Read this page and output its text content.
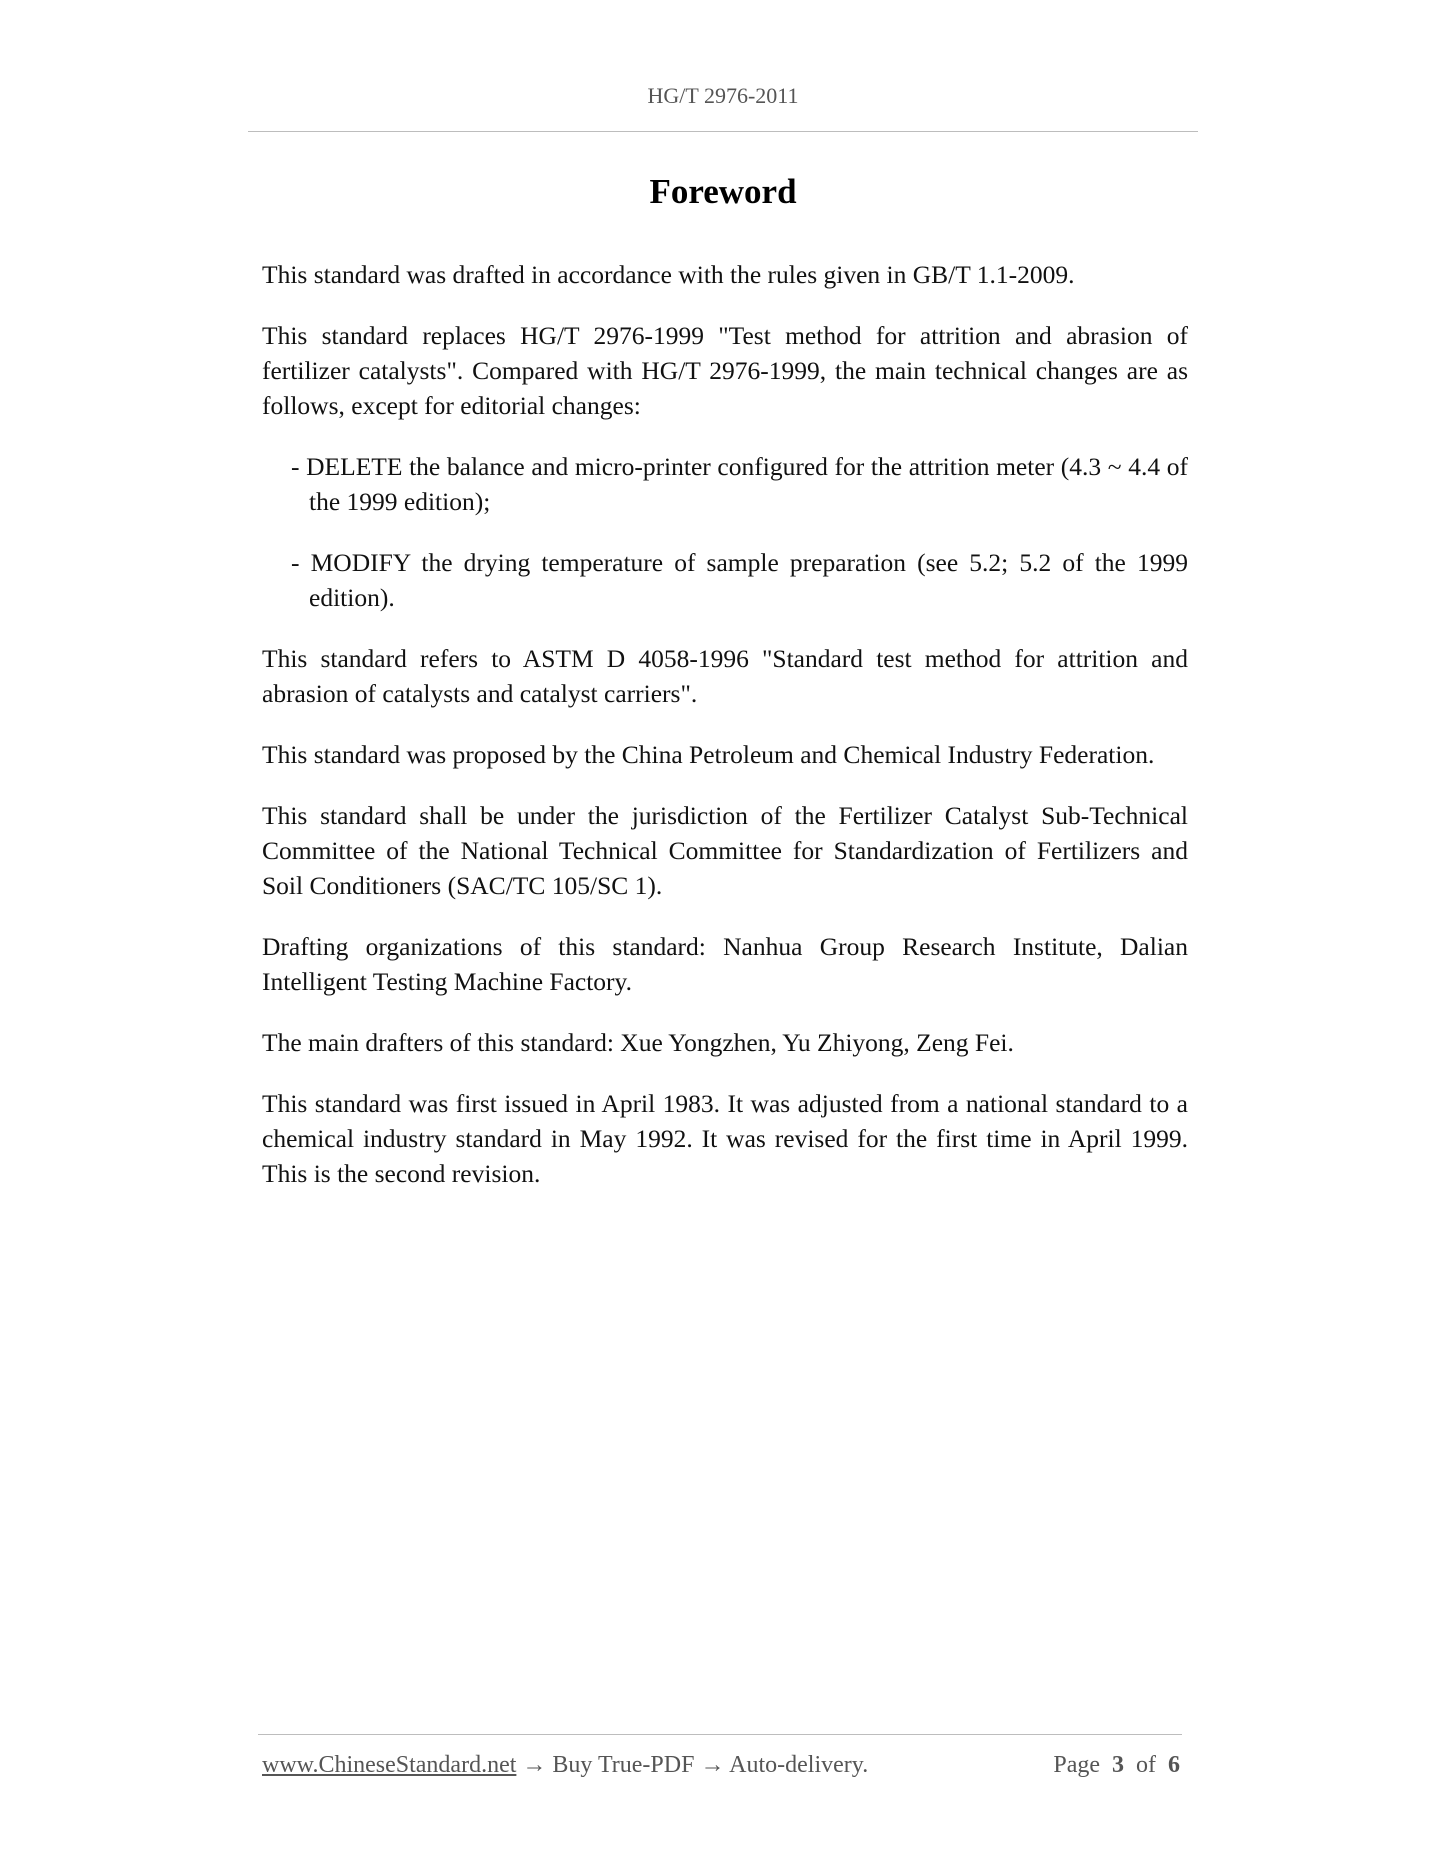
HG/T 2976-2011
Foreword

This standard was drafted in accordance with the rules given in GB/T 1.1-2009.

This standard replaces HG/T 2976-1999 "Test method for attrition and abrasion of fertilizer catalysts". Compared with HG/T 2976-1999, the main technical changes are as follows, except for editorial changes:

- DELETE the balance and micro-printer configured for the attrition meter (4.3 ~ 4.4 of the 1999 edition);
- MODIFY the drying temperature of sample preparation (see 5.2; 5.2 of the 1999 edition).

This standard refers to ASTM D 4058-1996 "Standard test method for attrition and abrasion of catalysts and catalyst carriers".

This standard was proposed by the China Petroleum and Chemical Industry Federation.

This standard shall be under the jurisdiction of the Fertilizer Catalyst Sub-Technical Committee of the National Technical Committee for Standardization of Fertilizers and Soil Conditioners (SAC/TC 105/SC 1).

Drafting organizations of this standard: Nanhua Group Research Institute, Dalian Intelligent Testing Machine Factory.

The main drafters of this standard: Xue Yongzhen, Yu Zhiyong, Zeng Fei.

This standard was first issued in April 1983. It was adjusted from a national standard to a chemical industry standard in May 1992. It was revised for the first time in April 1999. This is the second revision.

www.ChineseStandard.net → Buy True-PDF → Auto-delivery.	Page 3 of 6
